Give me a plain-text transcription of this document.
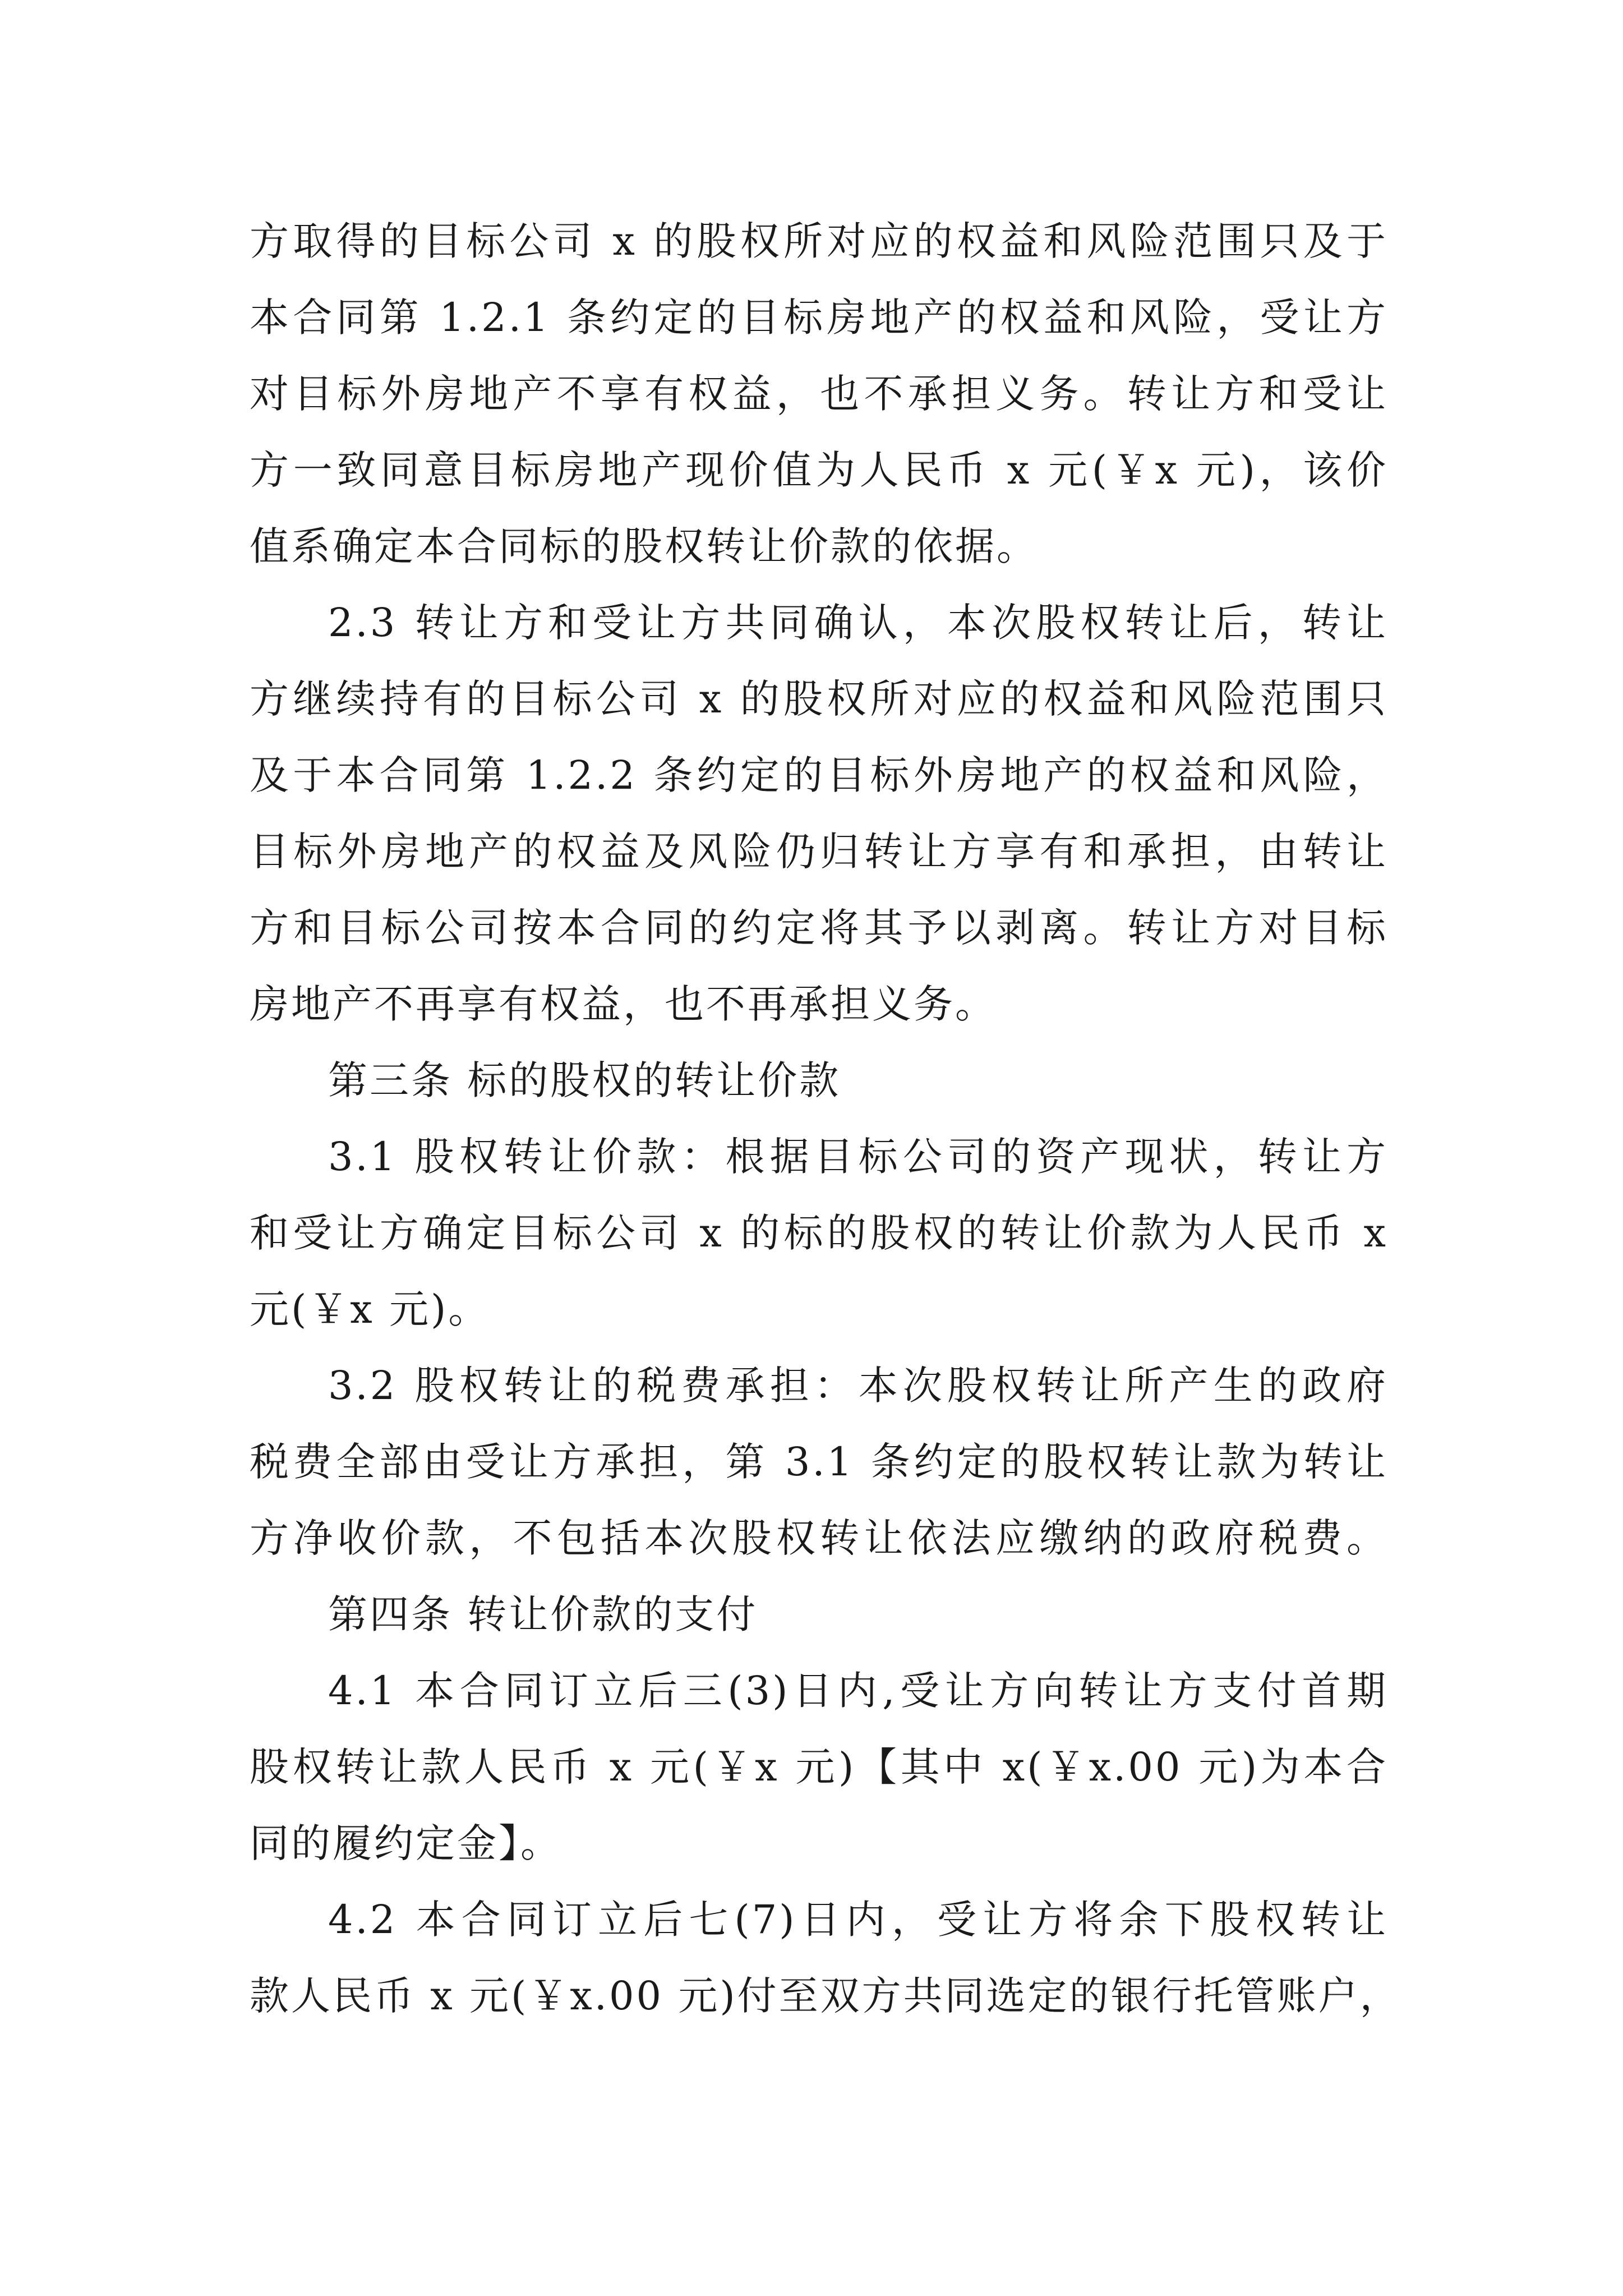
方取得的目标公司 x 的股权所对应的权益和风险范围只及于
本合同第 1.2.1 条约定的目标房地产的权益和风险，受让方
对目标外房地产不享有权益，也不承担义务。转让方和受让
方一致同意目标房地产现价值为人民币 x 元(￥x 元)，该价
值系确定本合同标的股权转让价款的依据。
2.3 转让方和受让方共同确认，本次股权转让后，转让
方继续持有的目标公司 x 的股权所对应的权益和风险范围只
及于本合同第 1.2.2 条约定的目标外房地产的权益和风险，
目标外房地产的权益及风险仍归转让方享有和承担，由转让
方和目标公司按本合同的约定将其予以剥离。转让方对目标
房地产不再享有权益，也不再承担义务。
第三条 标的股权的转让价款
3.1 股权转让价款：根据目标公司的资产现状，转让方
和受让方确定目标公司 x 的标的股权的转让价款为人民币 x
元(￥x 元)。
3.2 股权转让的税费承担：本次股权转让所产生的政府
税费全部由受让方承担，第 3.1 条约定的股权转让款为转让
方净收价款，不包括本次股权转让依法应缴纳的政府税费。
第四条 转让价款的支付
4.1 本合同订立后三(3)日内,受让方向转让方支付首期
股权转让款人民币 x 元(￥x 元)【其中 x(￥x.00 元)为本合
同的履约定金】。
4.2 本合同订立后七(7)日内，受让方将余下股权转让
款人民币 x 元(￥x.00 元)付至双方共同选定的银行托管账户，
